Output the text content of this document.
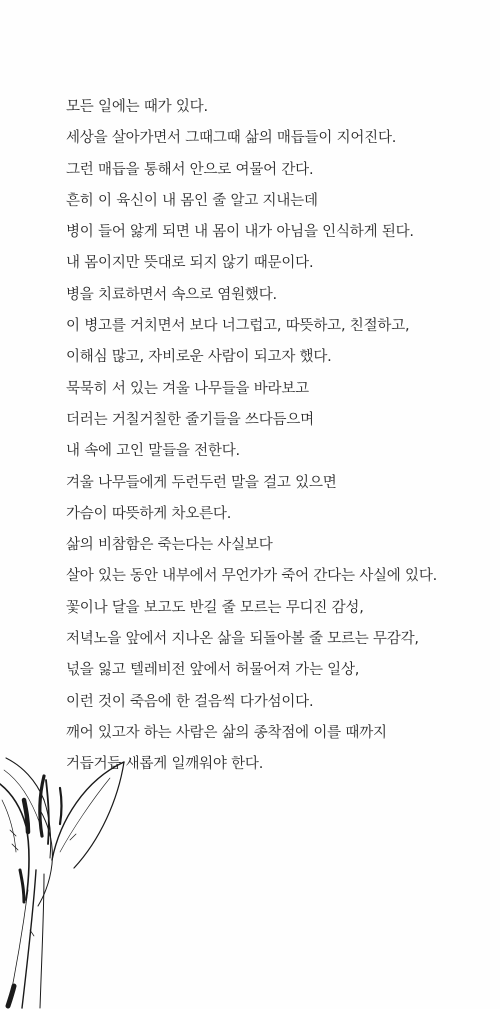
모든 일에는 때가 있다.
세상을 살아가면서 그때그때 삶의 매듭들이 지어진다.
그런 매듭을 통해서 안으로 여물어 간다.
흔히 이 육신이 내 몸인 줄 알고 지내는데
병이 들어 앓게 되면 내 몸이 내가 아님을 인식하게 된다.
내 몸이지만 뜻대로 되지 않기 때문이다.
병을 치료하면서 속으로 염원했다.
이 병고를 거치면서 보다 너그럽고, 따뜻하고, 친절하고,
이해심 많고, 자비로운 사람이 되고자 했다.
묵묵히 서 있는 겨울 나무들을 바라보고
더러는 거칠거칠한 줄기들을 쓰다듬으며
내 속에 고인 말들을 전한다.
겨울 나무들에게 두런두런 말을 걸고 있으면
가슴이 따뜻하게 차오른다.
삶의 비참함은 죽는다는 사실보다
살아 있는 동안 내부에서 무언가가 죽어 간다는 사실에 있다.
꽃이나 달을 보고도 반길 줄 모르는 무디진 감성,
저녁노을 앞에서 지나온 삶을 되돌아볼 줄 모르는 무감각,
넋을 잃고 텔레비전 앞에서 허물어져 가는 일상,
이런 것이 죽음에 한 걸음씩 다가섬이다.
깨어 있고자 하는 사람은 삶의 종착점에 이를 때까지
거듭거듭 새롭게 일깨워야 한다.
